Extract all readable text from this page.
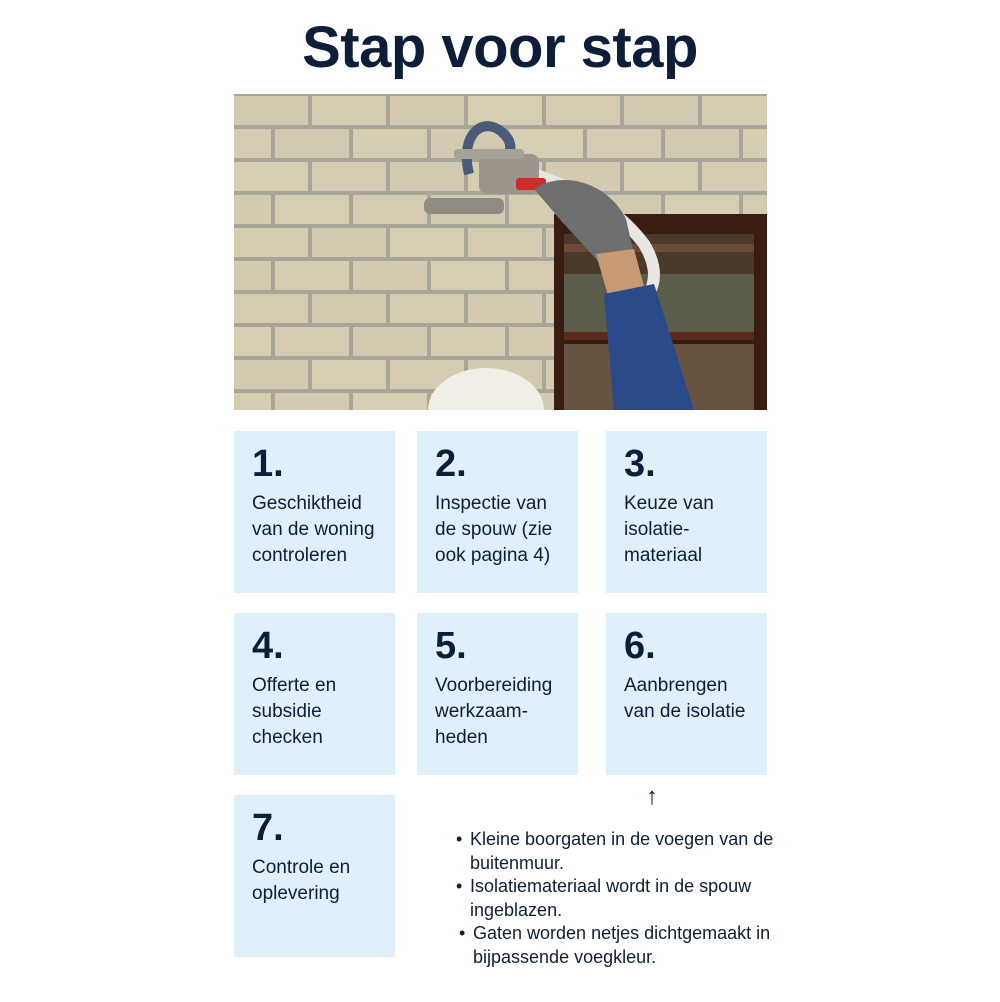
Stap voor stap
1.
Geschiktheid van de woning controleren
2.
Inspectie van de spouw (zie ook pagina 4)
3.
Keuze van isolatie-materiaal
4.
Offerte en subsidie checken
5.
Voorbereiding werkzaam-heden
6.
Aanbrengen van de isolatie
7.
Controle en oplevering
↑
• Kleine boorgaten in de voegen van de buitenmuur.
• Isolatiemateriaal wordt in de spouw ingeblazen.
• Gaten worden netjes dichtgemaakt in bijpassende voegkleur.
